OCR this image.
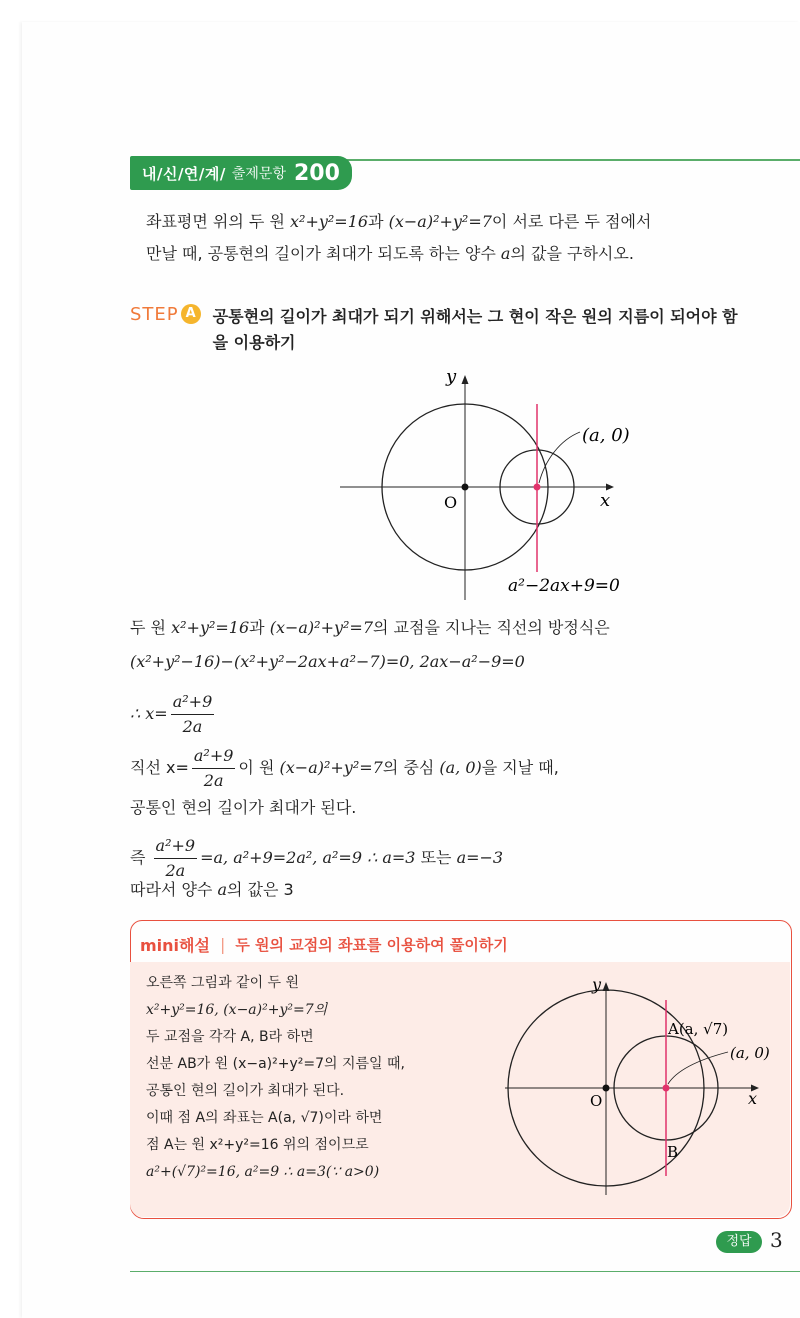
내/신/연/계/ 출제문항 200
좌표평면 위의 두 원 x²+y²=16과 (x−a)²+y²=7이 서로 다른 두 점에서
만날 때, 공통현의 길이가 최대가 되도록 하는 양수 a의 값을 구하시오.
STEP A	공통현의 길이가 최대가 되기 위해서는 그 현이 작은 원의 지름이 되어야 함을 이용하기
y
x
O
(a, 0)
a²−2ax+9=0
두 원 x²+y²=16과 (x−a)²+y²=7의 교점을 지나는 직선의 방정식은
(x²+y²−16)−(x²+y²−2ax+a²−7)=0, 2ax−a²−9=0
∴ $x= \frac{\text{a²+9}}{2a}$
직선 $x= \frac{\text{a²+9}}{2a}$ 이 원 (x−a)²+y²=7의 중심 (a, 0)을 지날 때,
공통인 현의 길이가 최대가 된다.
즉 $\frac{\text{a²+9}}{2a} =a$, a²+9=2a², a²=9 ∴ a=3 또는 a=−3
따라서 양수 a의 값은 3
mini해설 | 두 원의 교점의 좌표를 이용하여 풀이하기
오른쪽 그림과 같이 두 원
x²+y²=16, (x−a)²+y²=7의
두 교점을 각각 A, B라 하면
선분 AB가 원 (x−a)²+y²=7의 지름일 때,
공통인 현의 길이가 최대가 된다.
이때 점 A의 좌표는 A(a, √7)이라 하면
점 A는 원 x²+y²=16 위의 점이므로
a²+(√7)²=16, a²=9 ∴ a=3(∵ a>0)
y
x
O
A(a, √7)
(a, 0)
B
정답 3
